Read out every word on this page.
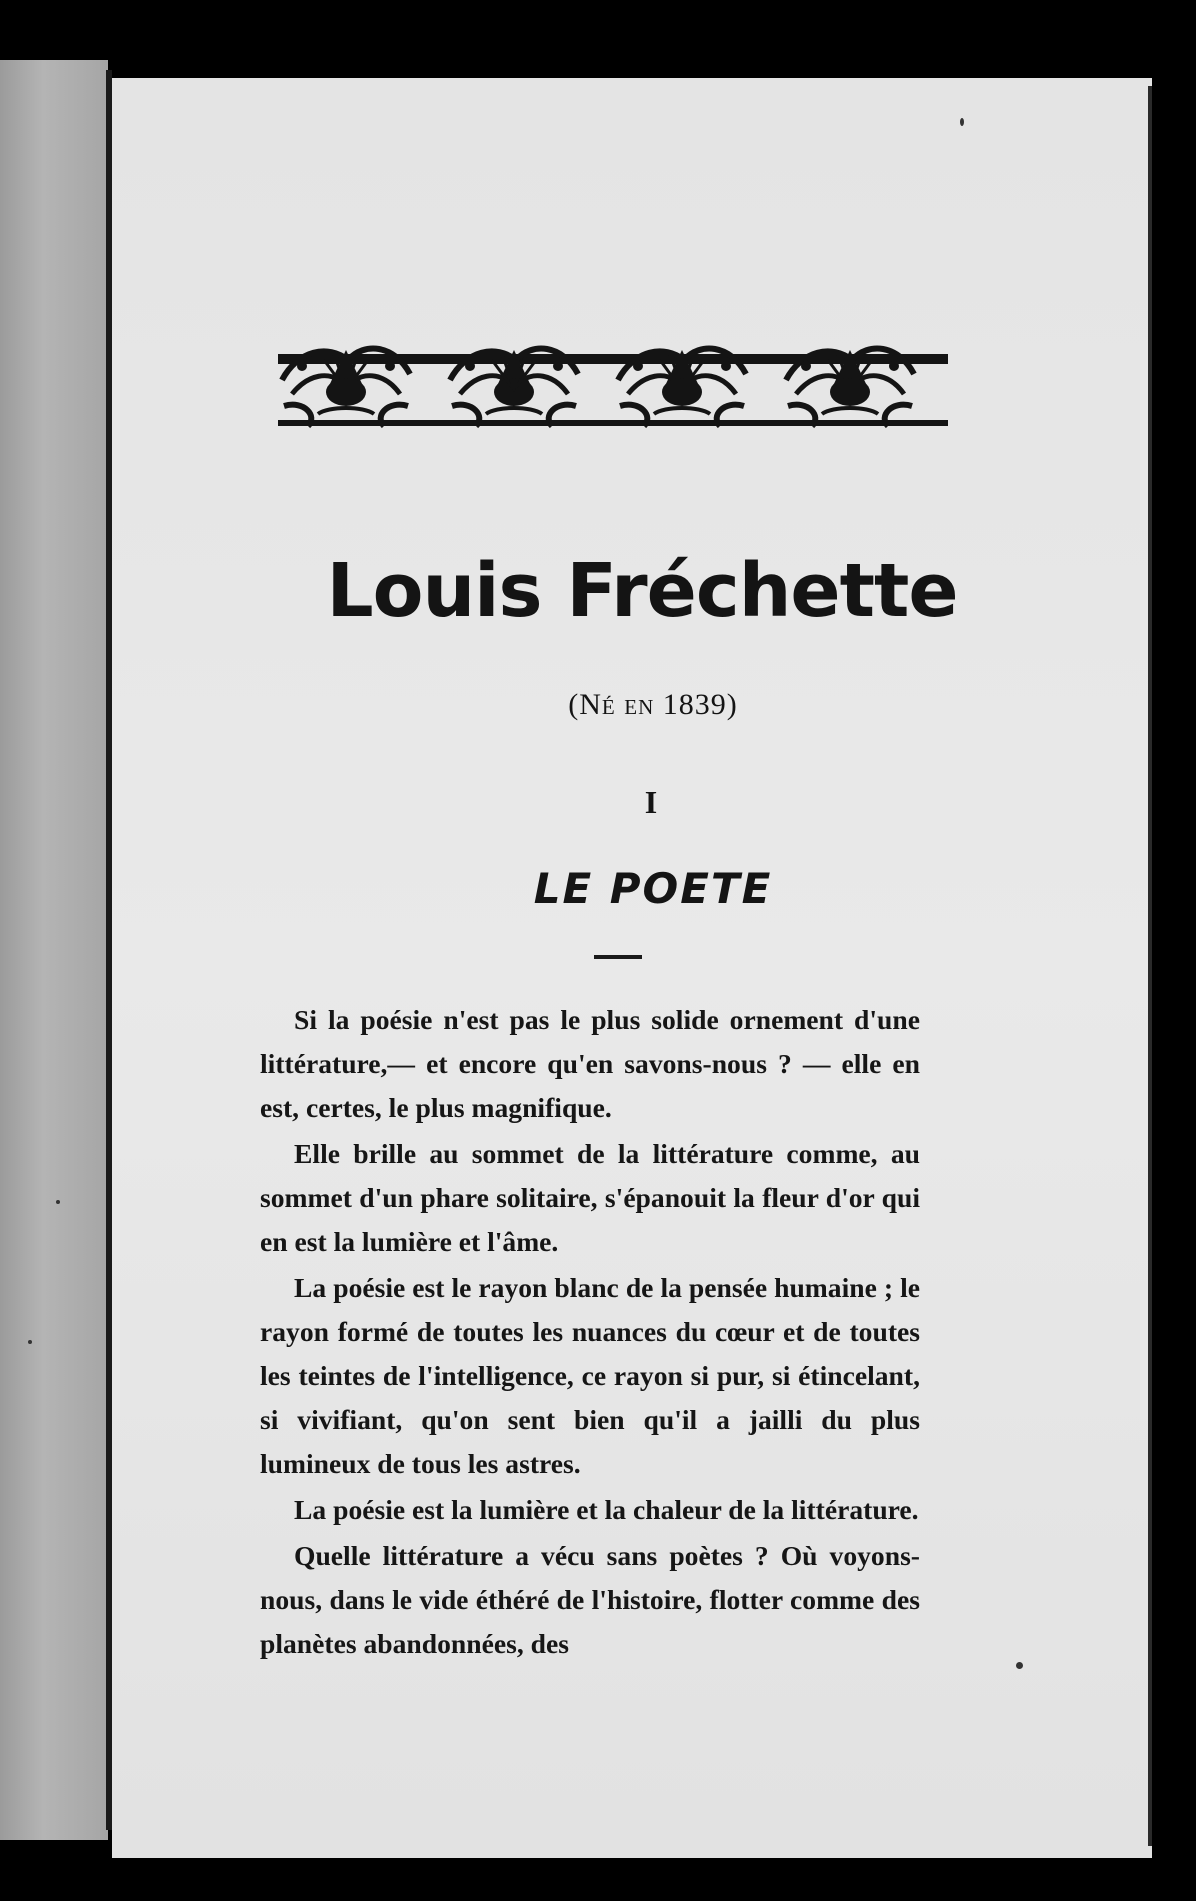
Louis Fréchette
(Né en 1839)
I
LE POETE

Si la poésie n'est pas le plus solide ornement d'une littérature,— et encore qu'en savons-nous ? — elle en est, certes, le plus magnifique.

Elle brille au sommet de la littérature comme, au sommet d'un phare solitaire, s'épanouit la fleur d'or qui en est la lumière et l'âme.

La poésie est le rayon blanc de la pensée humaine ; le rayon formé de toutes les nuances du cœur et de toutes les teintes de l'intelligence, ce rayon si pur, si étincelant, si vivifiant, qu'on sent bien qu'il a jailli du plus lumineux de tous les astres.

La poésie est la lumière et la chaleur de la littérature.

Quelle littérature a vécu sans poètes ? Où voyons-nous, dans le vide éthéré de l'histoire, flotter comme des planètes abandonnées, des
